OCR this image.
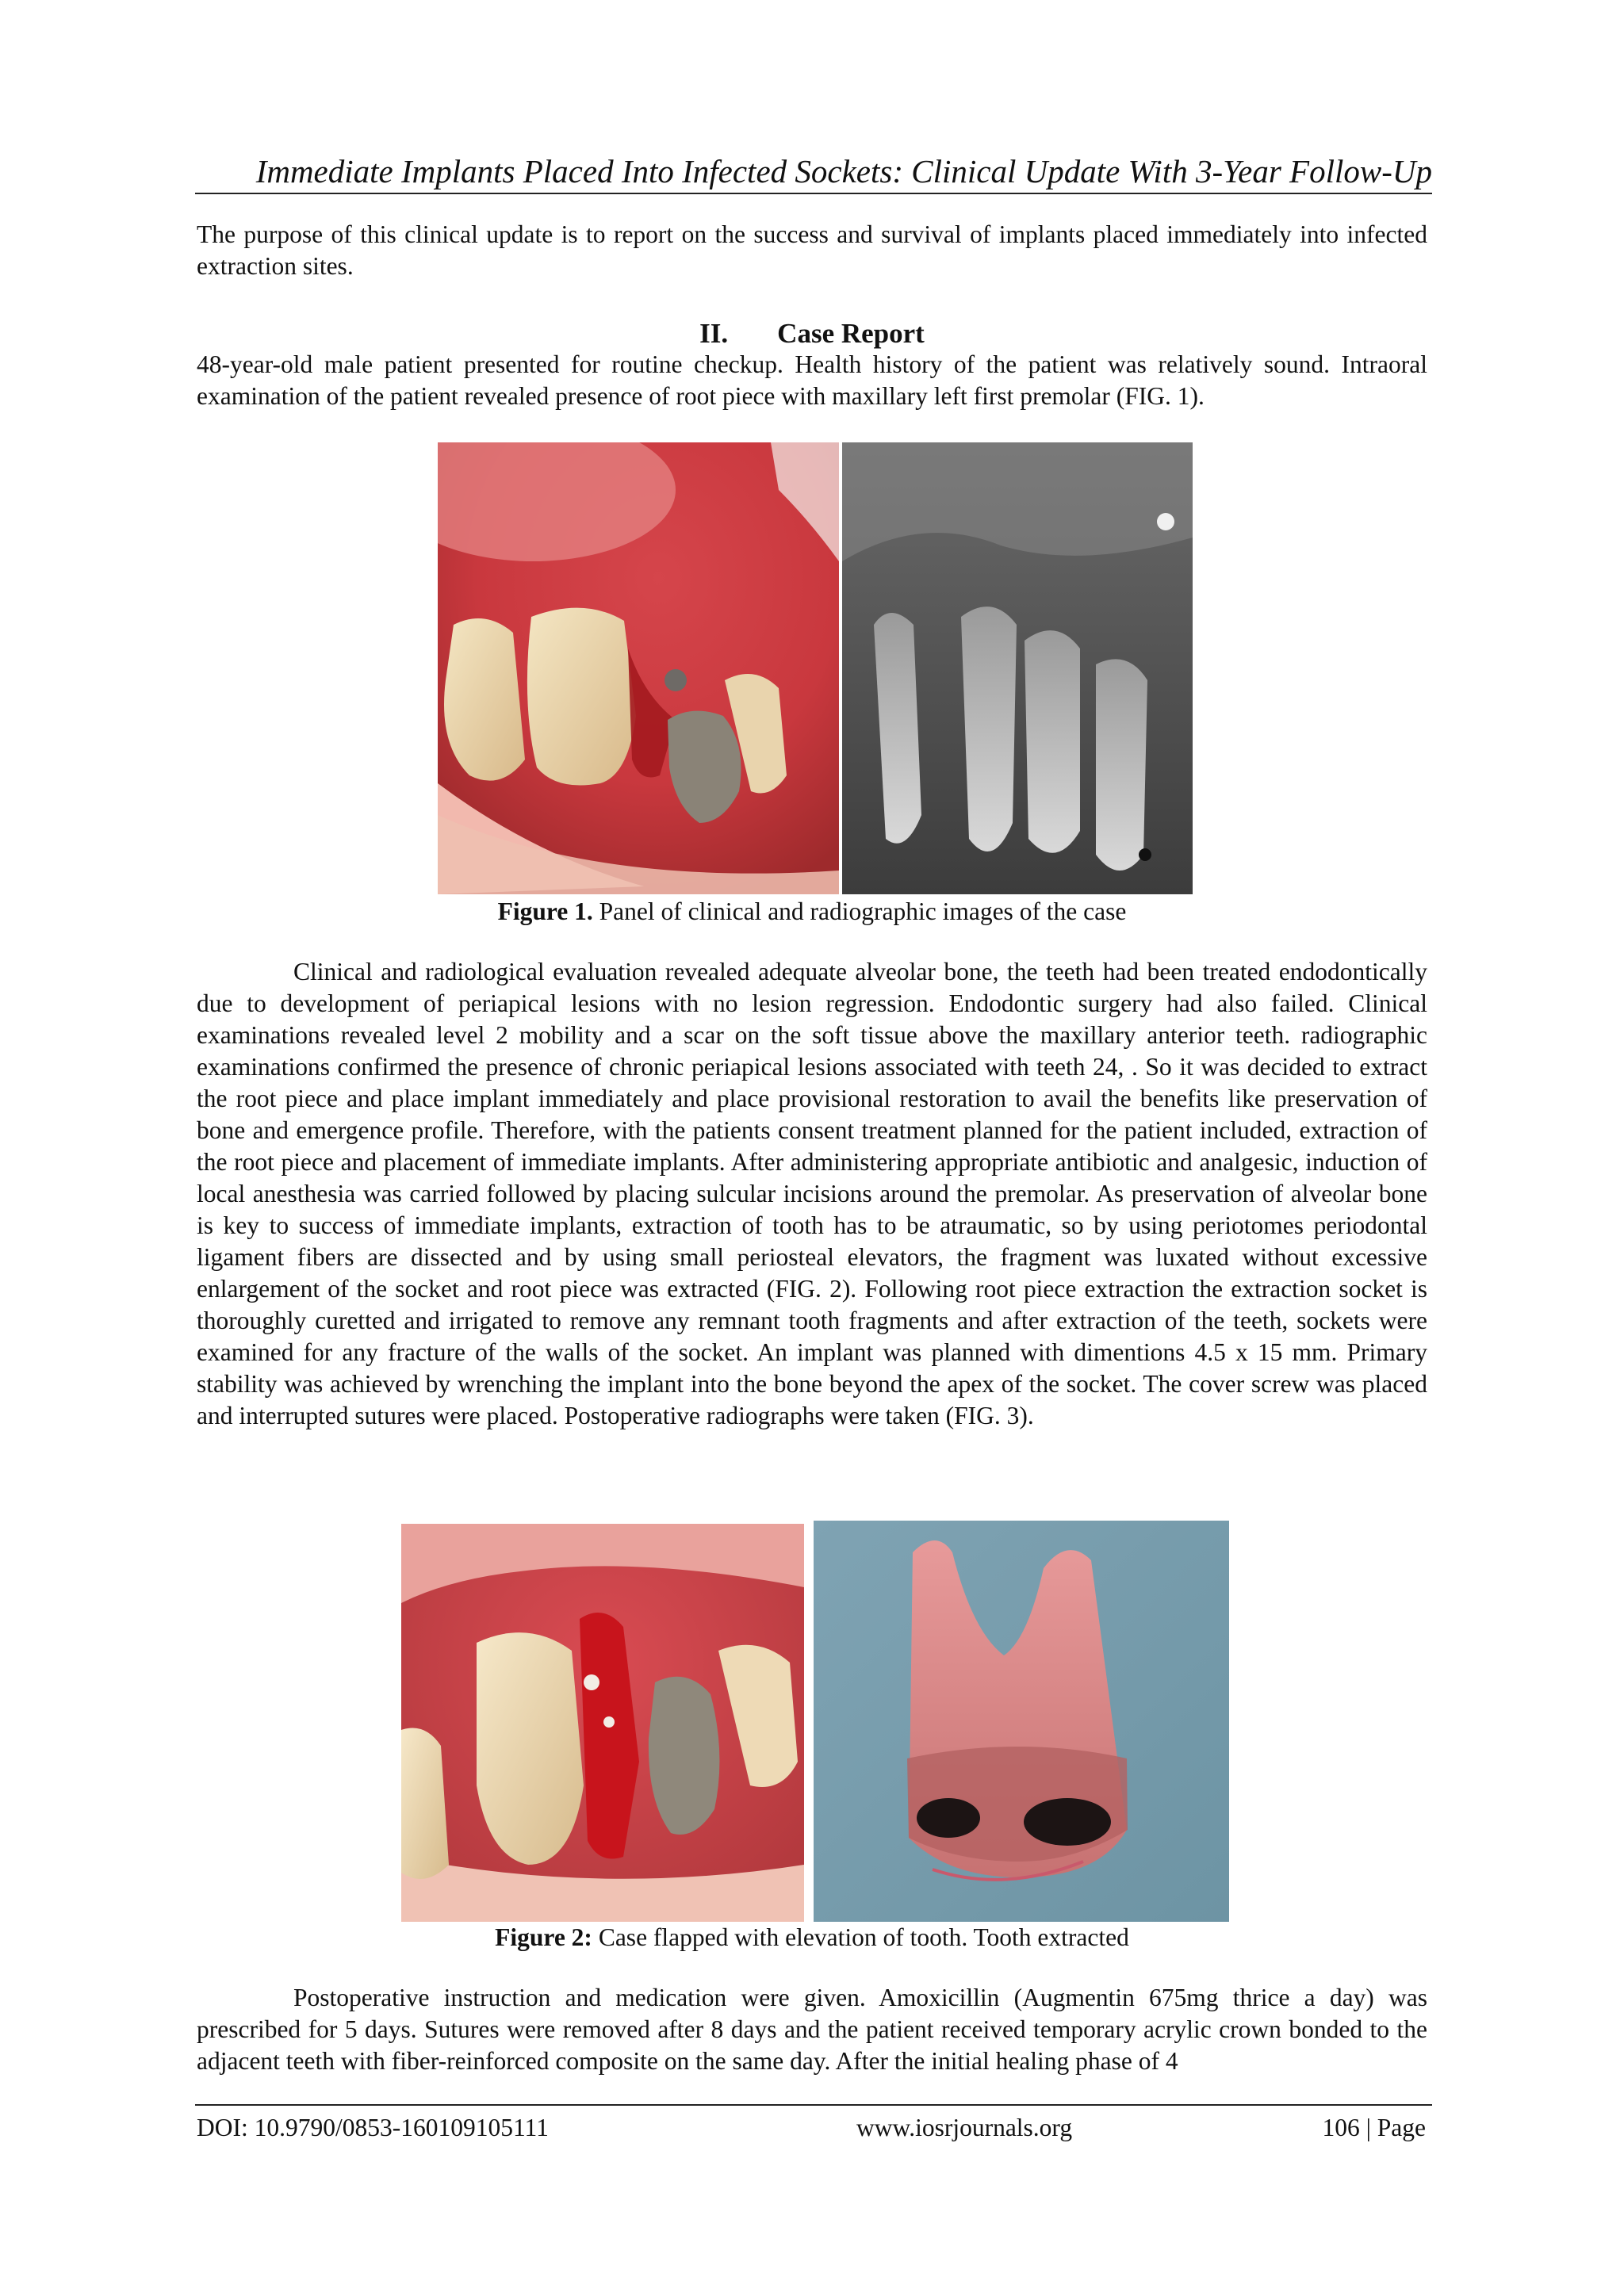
Immediate Implants Placed Into Infected Sockets: Clinical Update With 3-Year Follow-Up

The purpose of this clinical update is to report on the success and survival of implants placed immediately into infected extraction sites.

II. Case Report

48-year-old male patient presented for routine checkup. Health history of the patient was relatively sound. Intraoral examination of the patient revealed presence of root piece with maxillary left first premolar (FIG. 1).

Figure 1. Panel of clinical and radiographic images of the case

Clinical and radiological evaluation revealed adequate alveolar bone, the teeth had been treated endodontically due to development of periapical lesions with no lesion regression. Endodontic surgery had also failed. Clinical examinations revealed level 2 mobility and a scar on the soft tissue above the maxillary anterior teeth. radiographic examinations confirmed the presence of chronic periapical lesions associated with teeth 24, . So it was decided to extract the root piece and place implant immediately and place provisional restoration to avail the benefits like preservation of bone and emergence profile. Therefore, with the patients consent treatment planned for the patient included, extraction of the root piece and placement of immediate implants. After administering appropriate antibiotic and analgesic, induction of local anesthesia was carried followed by placing sulcular incisions around the premolar. As preservation of alveolar bone is key to success of immediate implants, extraction of tooth has to be atraumatic, so by using periotomes periodontal ligament fibers are dissected and by using small periosteal elevators, the fragment was luxated without excessive enlargement of the socket and root piece was extracted (FIG. 2). Following root piece extraction the extraction socket is thoroughly curetted and irrigated to remove any remnant tooth fragments and after extraction of the teeth, sockets were examined for any fracture of the walls of the socket. An implant was planned with dimentions 4.5 x 15 mm. Primary stability was achieved by wrenching the implant into the bone beyond the apex of the socket. The cover screw was placed and interrupted sutures were placed. Postoperative radiographs were taken (FIG. 3).

Figure 2: Case flapped with elevation of tooth. Tooth extracted

Postoperative instruction and medication were given. Amoxicillin (Augmentin 675mg thrice a day) was prescribed for 5 days. Sutures were removed after 8 days and the patient received temporary acrylic crown bonded to the adjacent teeth with fiber-reinforced composite on the same day. After the initial healing phase of 4

DOI: 10.9790/0853-160109105111	www.iosrjournals.org	106 | Page
